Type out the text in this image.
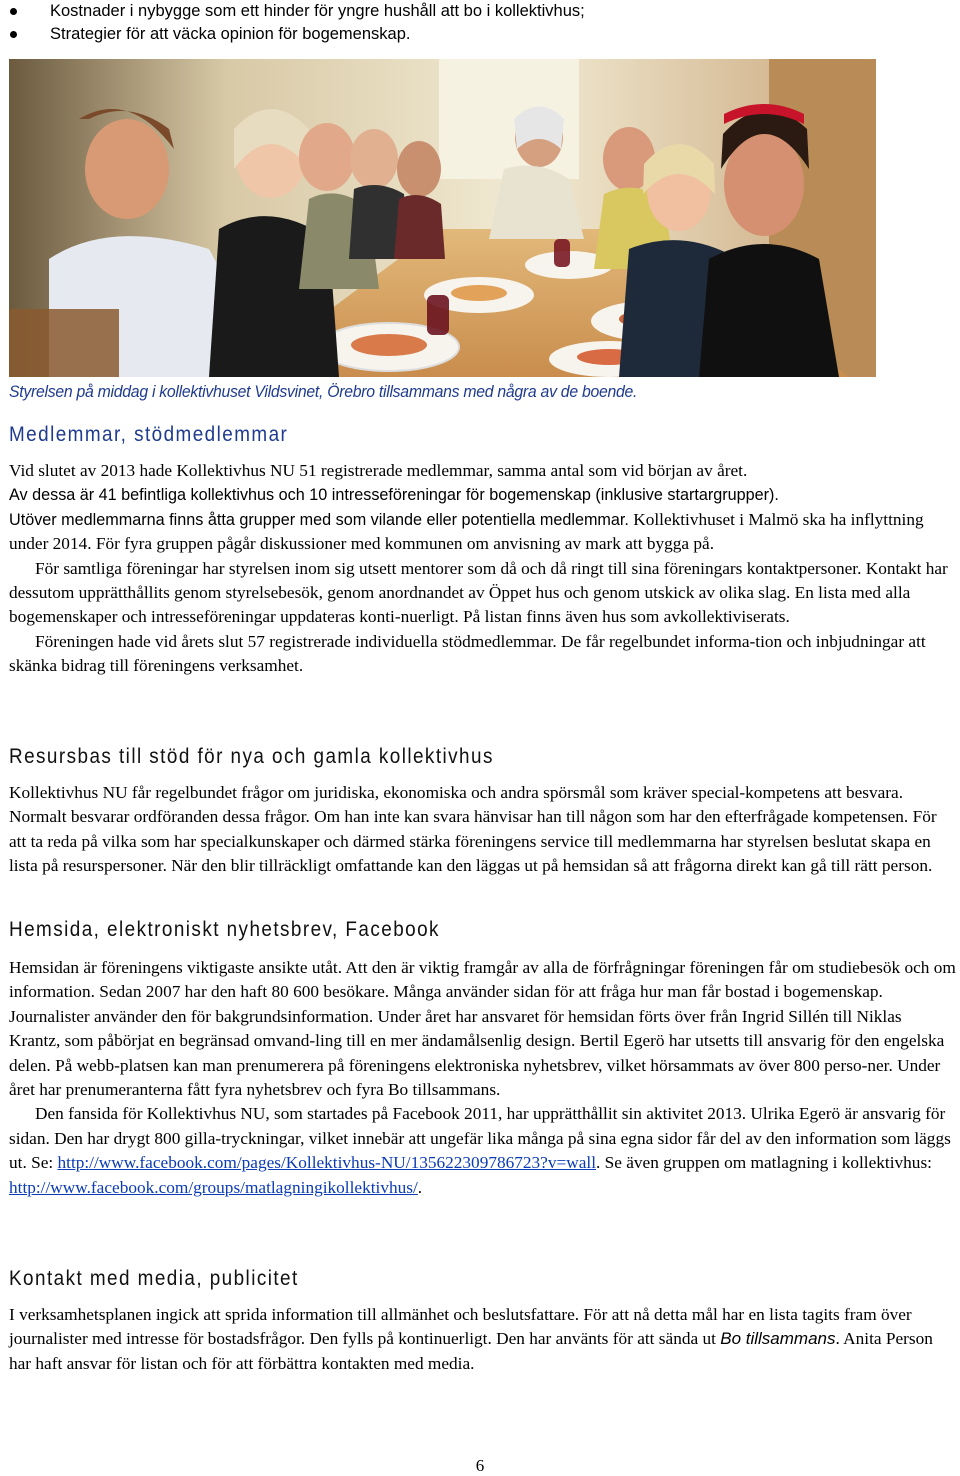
Kostnader i nybygge som ett hinder för yngre hushåll att bo i kollektivhus;
Strategier för att väcka opinion för bogemenskap.
Styrelsen på middag i kollektivhuset Vildsvinet, Örebro tillsammans med några av de boende.
Medlemmar, stödmedlemmar

Vid slutet av 2013 hade Kollektivhus NU 51 registrerade medlemmar, samma antal som vid början av året.

Av dessa är 41 befintliga kollektivhus och 10 intresseföreningar för bogemenskap (inklusive startargrupper).

Utöver medlemmarna finns åtta grupper med som vilande eller potentiella medlemmar. Kollektivhuset i Malmö ska ha inflyttning under 2014. För fyra gruppen pågår diskussioner med kommunen om anvisning av mark att bygga på.

För samtliga föreningar har styrelsen inom sig utsett mentorer som då och då ringt till sina föreningars kontaktpersoner. Kontakt har dessutom upprätthållits genom styrelsebesök, genom anordnandet av Öppet hus och genom utskick av olika slag. En lista med alla bogemenskaper och intresseföreningar uppdateras konti-nuerligt. På listan finns även hus som avkollektiviserats.

Föreningen hade vid årets slut 57 registrerade individuella stödmedlemmar. De får regelbundet informa-tion och inbjudningar att skänka bidrag till föreningens verksamhet.

Resursbas till stöd för nya och gamla kollektivhus

Kollektivhus NU får regelbundet frågor om juridiska, ekonomiska och andra spörsmål som kräver special-kompetens att besvara. Normalt besvarar ordföranden dessa frågor. Om han inte kan svara hänvisar han till någon som har den efterfrågade kompetensen. För att ta reda på vilka som har specialkunskaper och därmed stärka föreningens service till medlemmarna har styrelsen beslutat skapa en lista på resurspersoner. När den blir tillräckligt omfattande kan den läggas ut på hemsidan så att frågorna direkt kan gå till rätt person.

Hemsida, elektroniskt nyhetsbrev, Facebook

Hemsidan är föreningens viktigaste ansikte utåt. Att den är viktig framgår av alla de förfrågningar föreningen får om studiebesök och om information. Sedan 2007 har den haft 80 600 besökare. Många använder sidan för att fråga hur man får bostad i bogemenskap. Journalister använder den för bakgrundsinformation. Under året har ansvaret för hemsidan förts över från Ingrid Sillén till Niklas Krantz, som påbörjat en begränsad omvand-ling till en mer ändamålsenlig design. Bertil Egerö har utsetts till ansvarig för den engelska delen. På webb-platsen kan man prenumerera på föreningens elektroniska nyhetsbrev, vilket hörsammats av över 800 perso-ner. Under året har prenumeranterna fått fyra nyhetsbrev och fyra Bo tillsammans.

Den fansida för Kollektivhus NU, som startades på Facebook 2011, har upprätthållit sin aktivitet 2013. Ulrika Egerö är ansvarig för sidan. Den har drygt 800 gilla-tryckningar, vilket innebär att ungefär lika många på sina egna sidor får del av den information som läggs ut. Se: http://www.facebook.com/pages/Kollektivhus-NU/135622309786723?v=wall. Se även gruppen om matlagning i kollektivhus: http://www.facebook.com/groups/matlagningikollektivhus/.

Kontakt med media, publicitet

I verksamhetsplanen ingick att sprida information till allmänhet och beslutsfattare. För att nå detta mål har en lista tagits fram över journalister med intresse för bostadsfrågor. Den fylls på kontinuerligt. Den har använts för att sända ut Bo tillsammans. Anita Person har haft ansvar för listan och för att förbättra kontakten med media.

6
